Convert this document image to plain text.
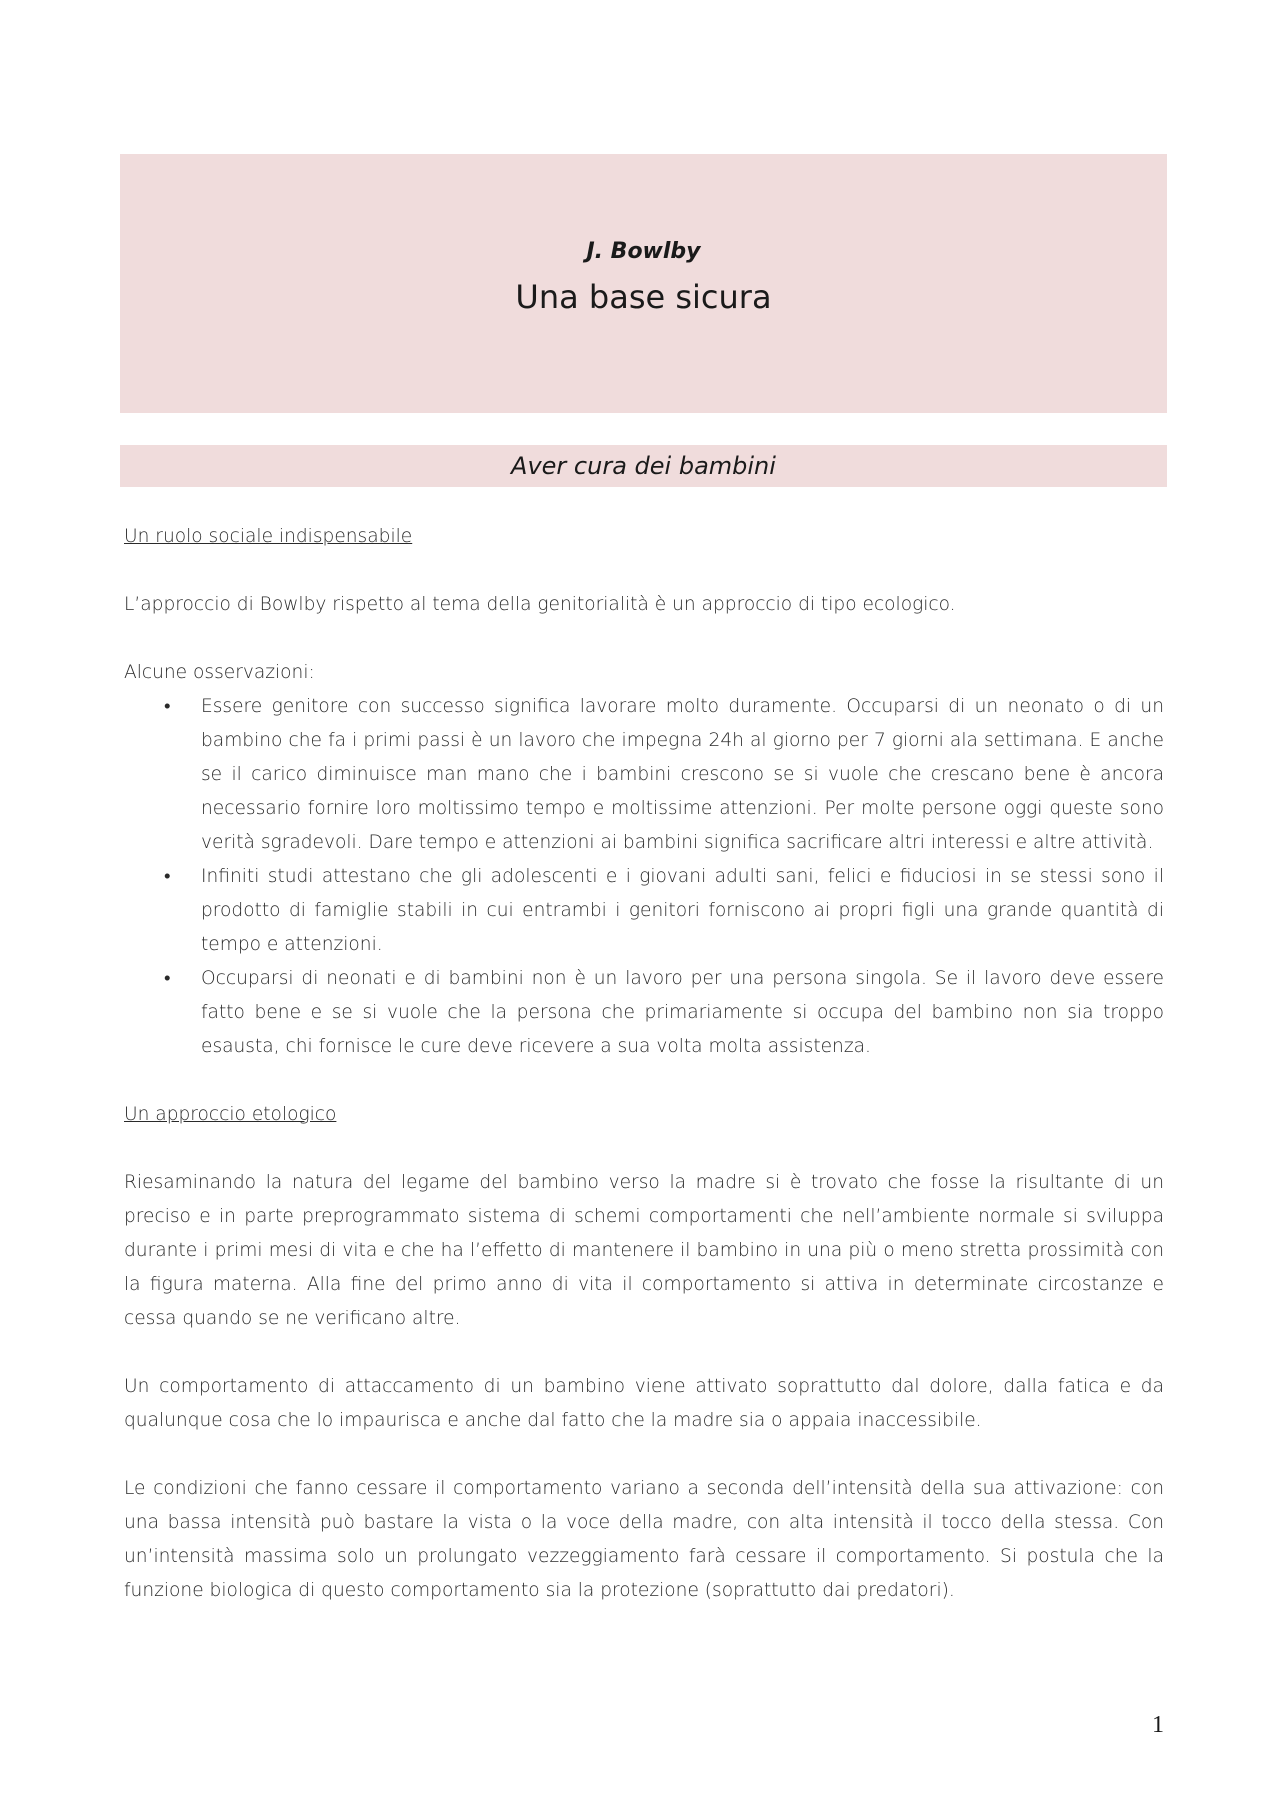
J. Bowlby
Una base sicura
Aver cura dei bambini

Un ruolo sociale indispensabile

L’approccio di Bowlby rispetto al tema della genitorialità è un approccio di tipo ecologico.

Alcune osservazioni:

• Essere genitore con successo significa lavorare molto duramente. Occuparsi di un neonato o di un bambino che fa i primi passi è un lavoro che impegna 24h al giorno per 7 giorni ala settimana. E anche se il carico diminuisce man mano che i bambini crescono se si vuole che crescano bene è ancora necessario fornire loro moltissimo tempo e moltissime attenzioni. Per molte persone oggi queste sono verità sgradevoli. Dare tempo e attenzioni ai bambini significa sacrificare altri interessi e altre attività.
• Infiniti studi attestano che gli adolescenti e i giovani adulti sani, felici e fiduciosi in se stessi sono il prodotto di famiglie stabili in cui entrambi i genitori forniscono ai propri figli una grande quantità di tempo e attenzioni.
• Occuparsi di neonati e di bambini non è un lavoro per una persona singola. Se il lavoro deve essere fatto bene e se si vuole che la persona che primariamente si occupa del bambino non sia troppo esausta, chi fornisce le cure deve ricevere a sua volta molta assistenza.

Un approccio etologico

Riesaminando la natura del legame del bambino verso la madre si è trovato che fosse la risultante di un preciso e in parte preprogrammato sistema di schemi comportamenti che nell’ambiente normale si sviluppa durante i primi mesi di vita e che ha l’effetto di mantenere il bambino in una più o meno stretta prossimità con la figura materna. Alla fine del primo anno di vita il comportamento si attiva in determinate circostanze e cessa quando se ne verificano altre.

Un comportamento di attaccamento di un bambino viene attivato soprattutto dal dolore, dalla fatica e da qualunque cosa che lo impaurisca e anche dal fatto che la madre sia o appaia inaccessibile.

Le condizioni che fanno cessare il comportamento variano a seconda dell’intensità della sua attivazione: con una bassa intensità può bastare la vista o la voce della madre, con alta intensità il tocco della stessa. Con un’intensità massima solo un prolungato vezzeggiamento farà cessare il comportamento. Si postula che la funzione biologica di questo comportamento sia la protezione (soprattutto dai predatori).

1
